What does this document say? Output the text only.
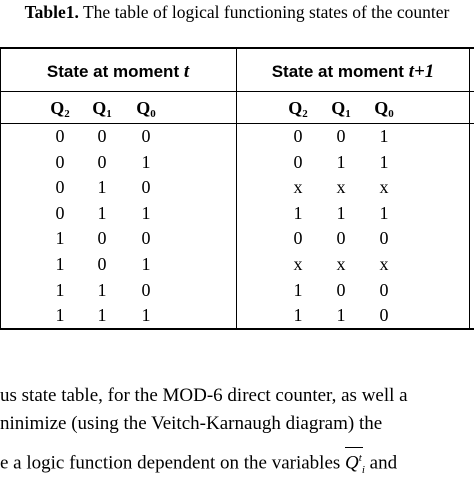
Table1. The table of logical functioning states of the counter
State at moment t	State at moment t+1
$Q_2$ $Q_1$ $Q_0$	$Q_2$ $Q_1$ $Q_0$
0	0	0	0	0	1
0	0	1	0	1	1
0	1	0	x	x	x
0	1	1	1	1	1
1	0	0	0	0	0
1	0	1	x	x	x
1	1	0	1	0	0
1	1	1	1	1	0
us state table, for the MOD-6 direct counter, as well a
ninimize (using the Veitch-Karnaugh diagram) the
e a logic function dependent on the variables $Q^t_i$ and
